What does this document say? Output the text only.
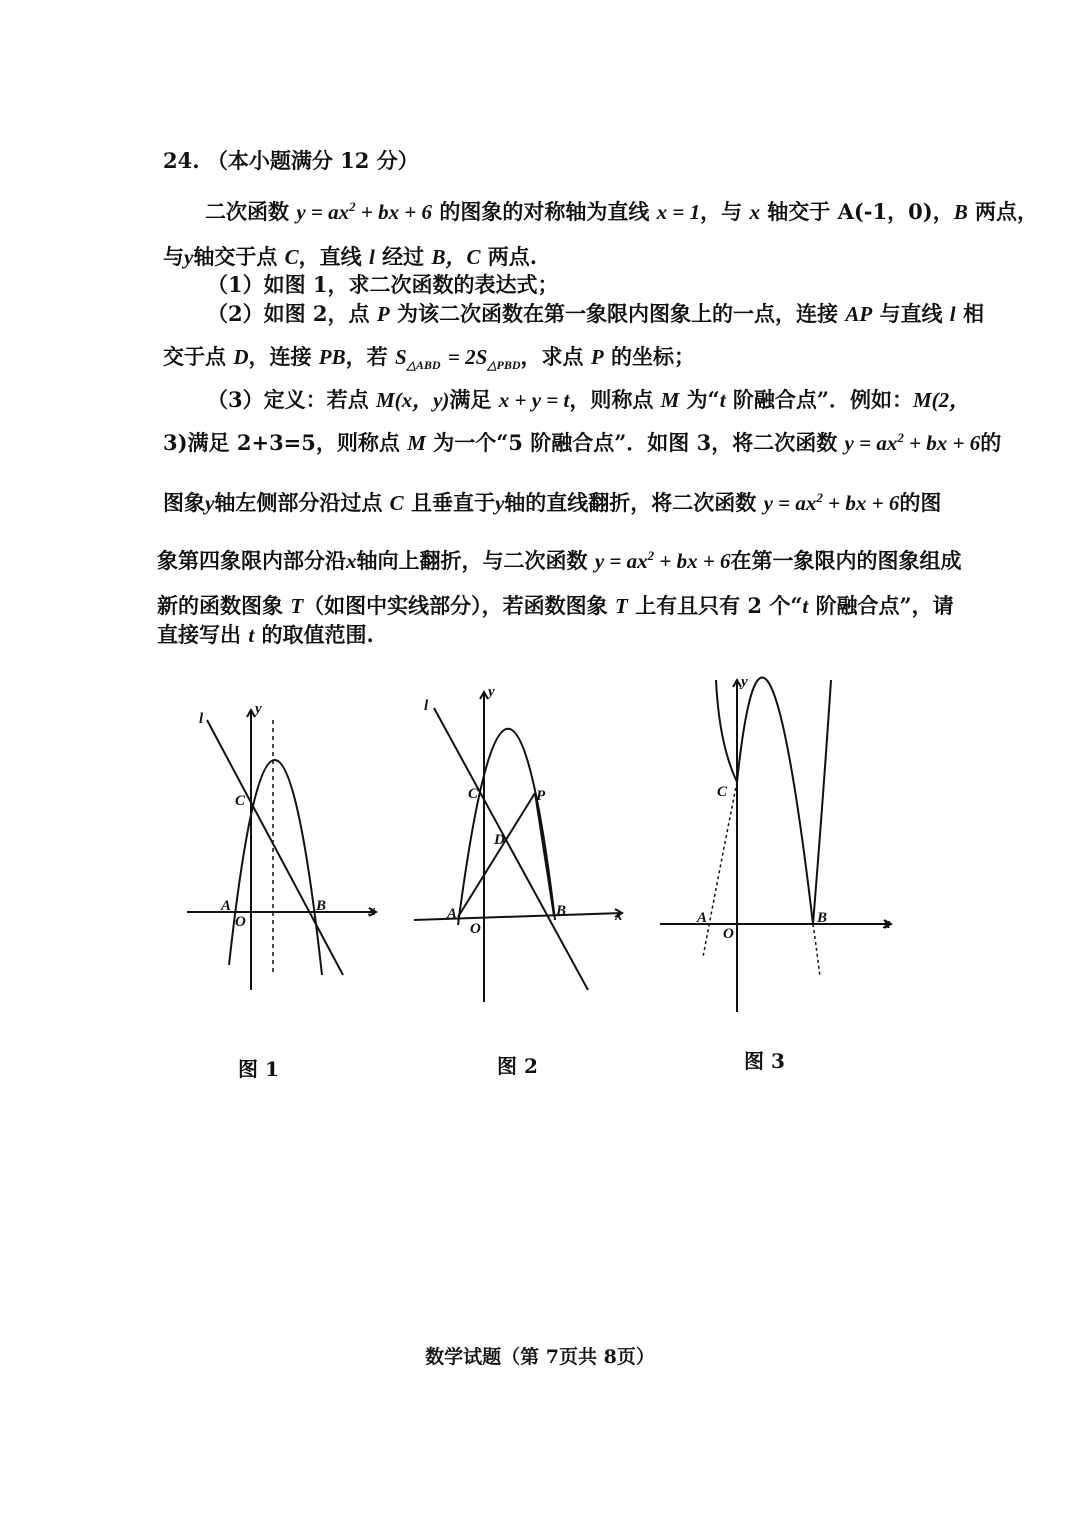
24. （本小题满分 12 分）
二次函数 $y = ax^2$ + bx + 6 的图象的对称轴为直线 x = 1，与 x 轴交于 A(-1，0)，B 两点，
与y轴交于点 C，直线 l 经过 B，C 两点.
（1）如图 1，求二次函数的表达式；
（2）如图 2，点 P 为该二次函数在第一象限内图象上的一点，连接 AP 与直线 l 相
交于点 D，连接 PB，若 $S_{\triangle ABD} = 2S_{\triangle PBD}$，求点 P 的坐标；
（3）定义：若点 M(x，y)满足 x + y = t，则称点 M 为“t 阶融合点”．例如：M(2，
3)满足 2+3=5，则称点 M 为一个“5 阶融合点”．如图 3，将二次函数 $y = ax^2$ + bx + 6的
图象y轴左侧部分沿过点 C 且垂直于y轴的直线翻折，将二次函数 $y = ax^2$ + bx + 6的图
象第四象限内部分沿x轴向上翻折，与二次函数 $y = ax^2$ + bx + 6在第一象限内的图象组成
新的函数图象 T（如图中实线部分），若函数图象 T 上有且只有 2 个“t 阶融合点”，请
直接写出 t 的取值范围.
l
y
C
A
O
B	x
l
y
C	P
D
A
O
B	x
y
C
A
O
B	x
图 1	图 2	图 3
数学试题（第 7页共 8页）
